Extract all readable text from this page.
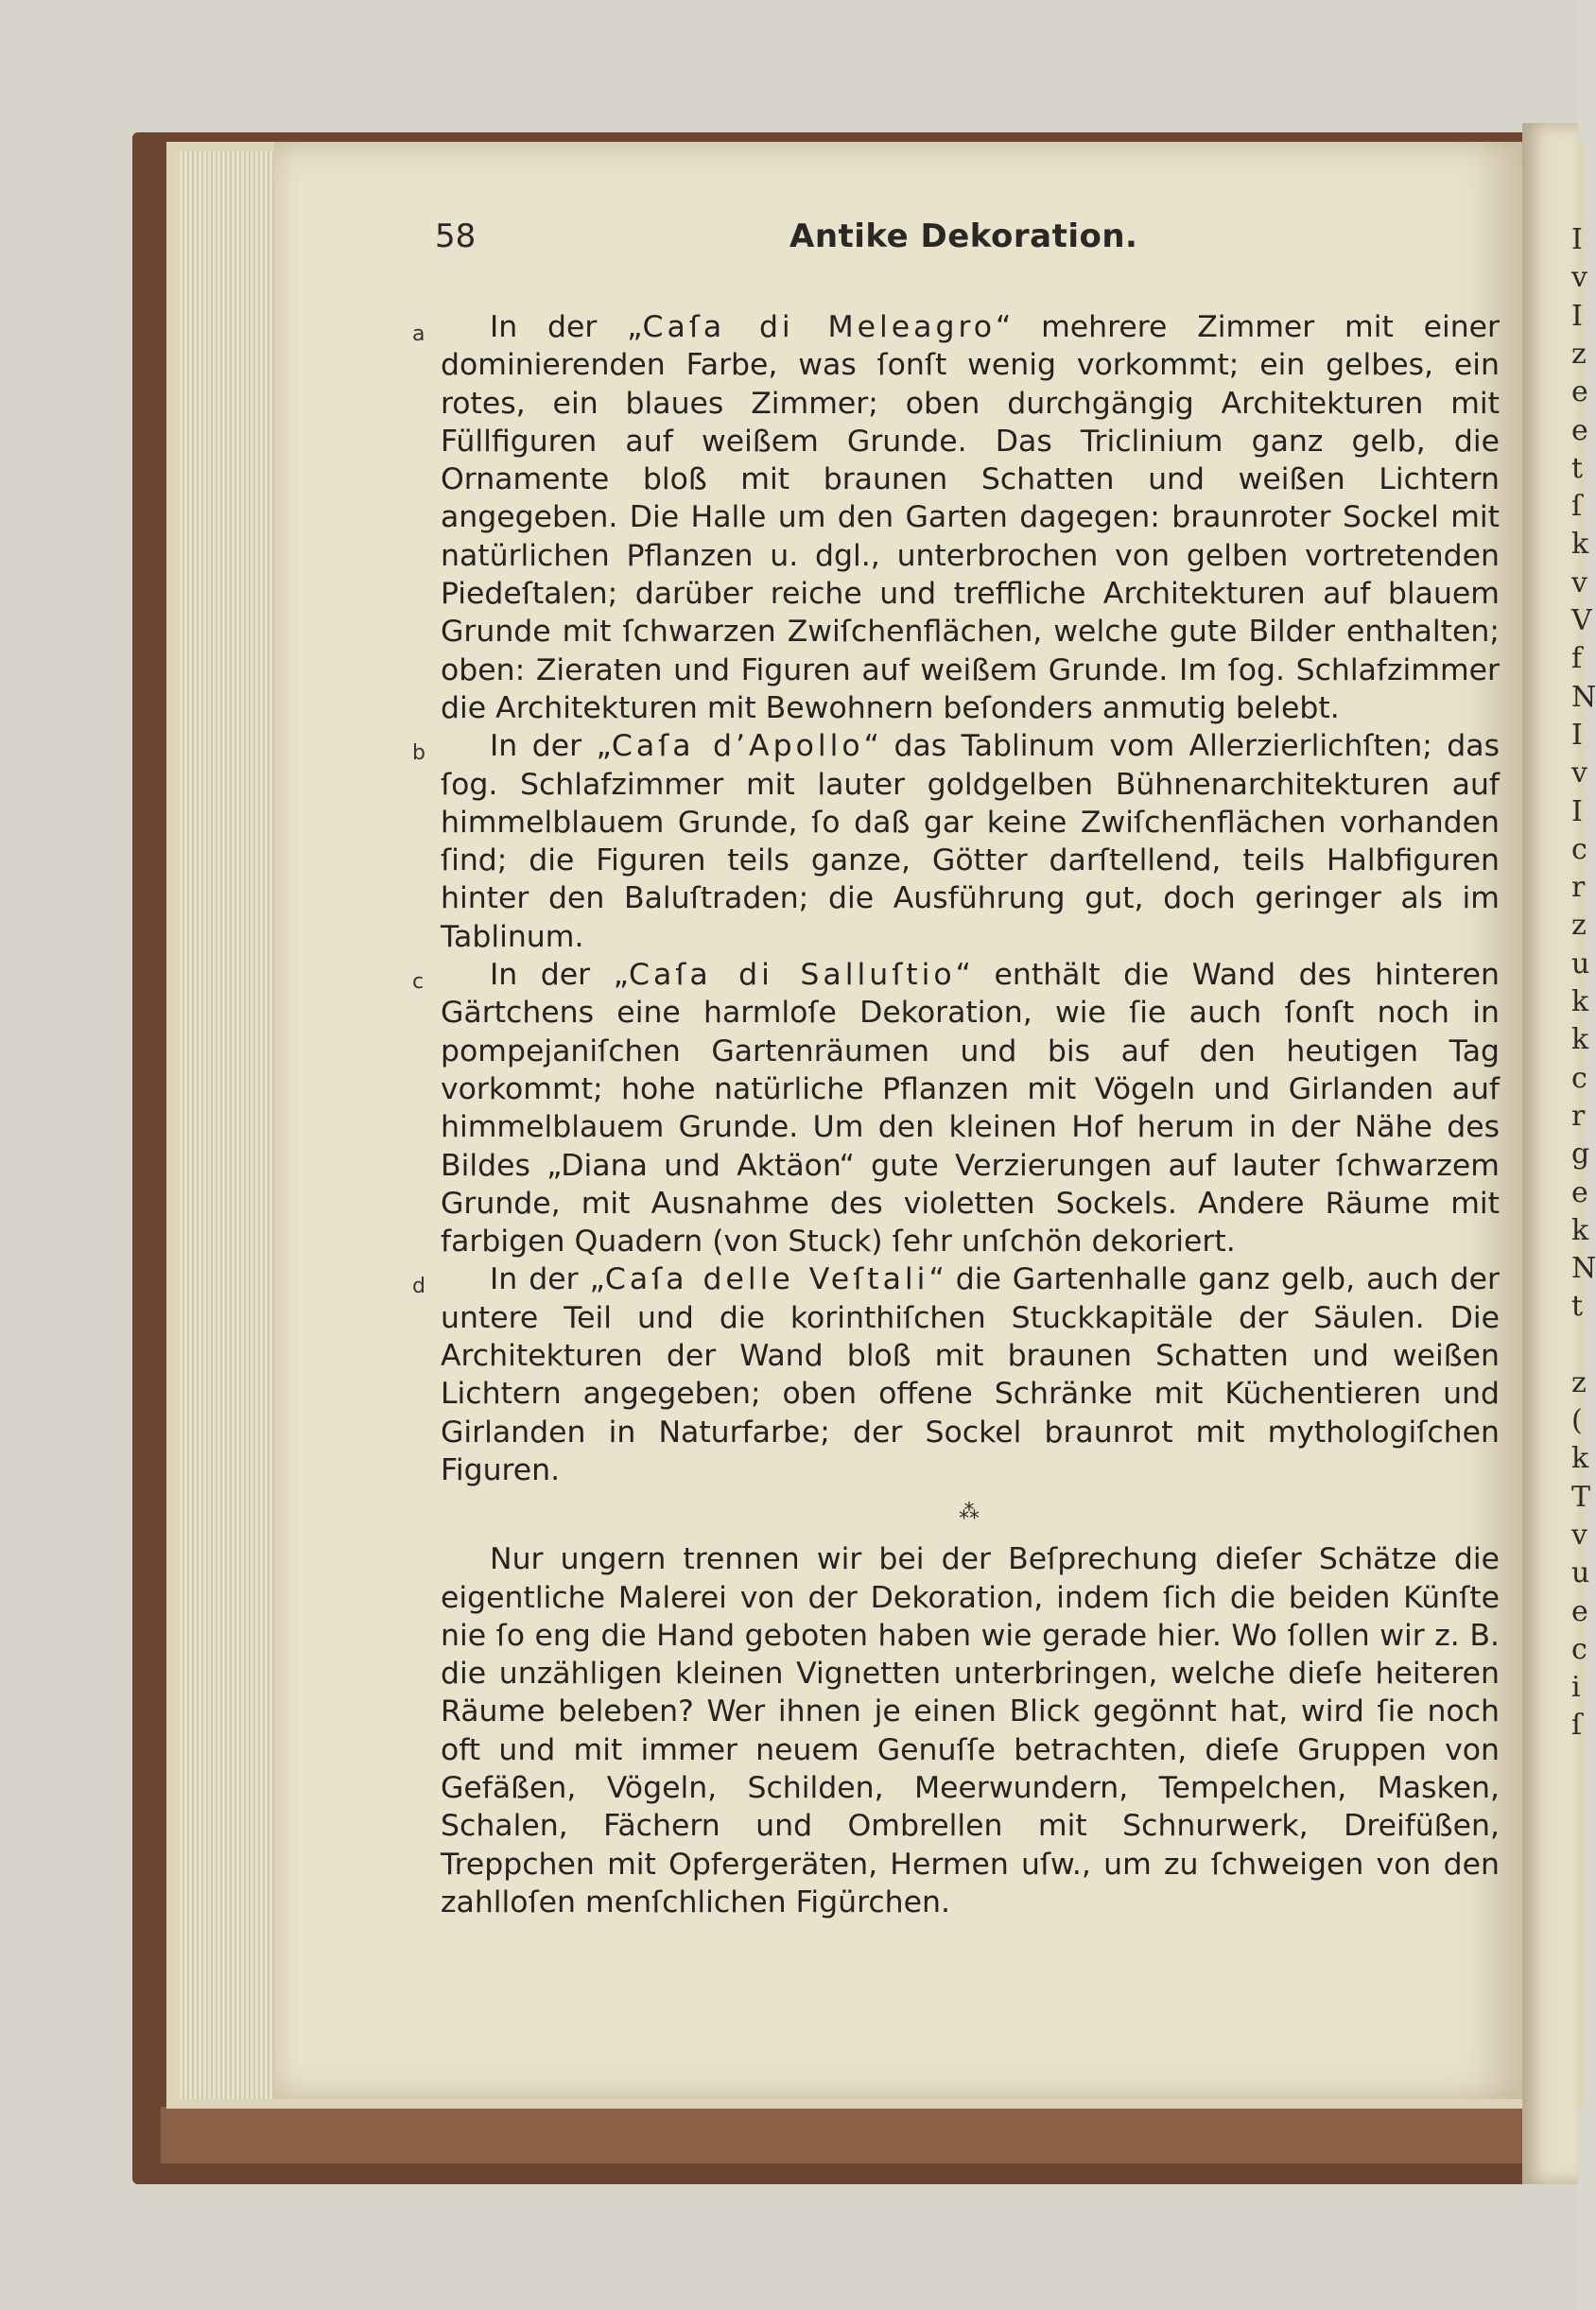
I
v
I
z
e
e
t
ſ
k
v
V
f
N
I
v
I
c
r
z
u
k
k
c
r
g
e
k
N
t
z
(
k
T
v
u
e
c
i
ſ
58	Antike Dekoration.

a In der „Caſa di Meleagro“ mehrere Zimmer mit einer dominierenden Farbe, was ſonſt wenig vorkommt; ein gelbes, ein rotes, ein blaues Zimmer; oben durchgängig Architekturen mit Füllfiguren auf weißem Grunde. Das Triclinium ganz gelb, die Ornamente bloß mit braunen Schatten und weißen Lichtern angegeben. Die Halle um den Garten dagegen: braunroter Sockel mit natürlichen Pflanzen u. dgl., unterbrochen von gelben vortretenden Piedeſtalen; darüber reiche und treffliche Architekturen auf blauem Grunde mit ſchwarzen Zwiſchenflächen, welche gute Bilder enthalten; oben: Zieraten und Figuren auf weißem Grunde. Im ſog. Schlafzimmer die Architekturen mit Bewohnern beſonders anmutig belebt.

b In der „Caſa d’Apollo“ das Tablinum vom Allerzierlichſten; das ſog. Schlafzimmer mit lauter goldgelben Bühnenarchitekturen auf himmelblauem Grunde, ſo daß gar keine Zwiſchenflächen vorhanden ſind; die Figuren teils ganze, Götter darſtellend, teils Halbfiguren hinter den Baluſtraden; die Ausführung gut, doch geringer als im Tablinum.

c In der „Caſa di Salluſtio“ enthält die Wand des hinteren Gärtchens eine harmloſe Dekoration, wie ſie auch ſonſt noch in pompejaniſchen Gartenräumen und bis auf den heutigen Tag vorkommt; hohe natürliche Pflanzen mit Vögeln und Girlanden auf himmelblauem Grunde. Um den kleinen Hof herum in der Nähe des Bildes „Diana und Aktäon“ gute Verzierungen auf lauter ſchwarzem Grunde, mit Ausnahme des violetten Sockels. Andere Räume mit farbigen Quadern (von Stuck) ſehr unſchön dekoriert.

d In der „Caſa delle Veſtali“ die Gartenhalle ganz gelb, auch der untere Teil und die korinthiſchen Stuckkapitäle der Säulen. Die Architekturen der Wand bloß mit braunen Schatten und weißen Lichtern angegeben; oben offene Schränke mit Küchentieren und Girlanden in Naturfarbe; der Sockel braunrot mit mythologiſchen Figuren.

⁂

Nur ungern trennen wir bei der Beſprechung dieſer Schätze die eigentliche Malerei von der Dekoration, indem ſich die beiden Künſte nie ſo eng die Hand geboten haben wie gerade hier. Wo ſollen wir z. B. die unzähligen kleinen Vignetten unterbringen, welche dieſe heiteren Räume beleben? Wer ihnen je einen Blick gegönnt hat, wird ſie noch oft und mit immer neuem Genuſſe betrachten, dieſe Gruppen von Gefäßen, Vögeln, Schilden, Meerwundern, Tempelchen, Masken, Schalen, Fächern und Ombrellen mit Schnurwerk, Dreifüßen, Treppchen mit Opfergeräten, Hermen uſw., um zu ſchweigen von den zahlloſen menſchlichen Figürchen.
